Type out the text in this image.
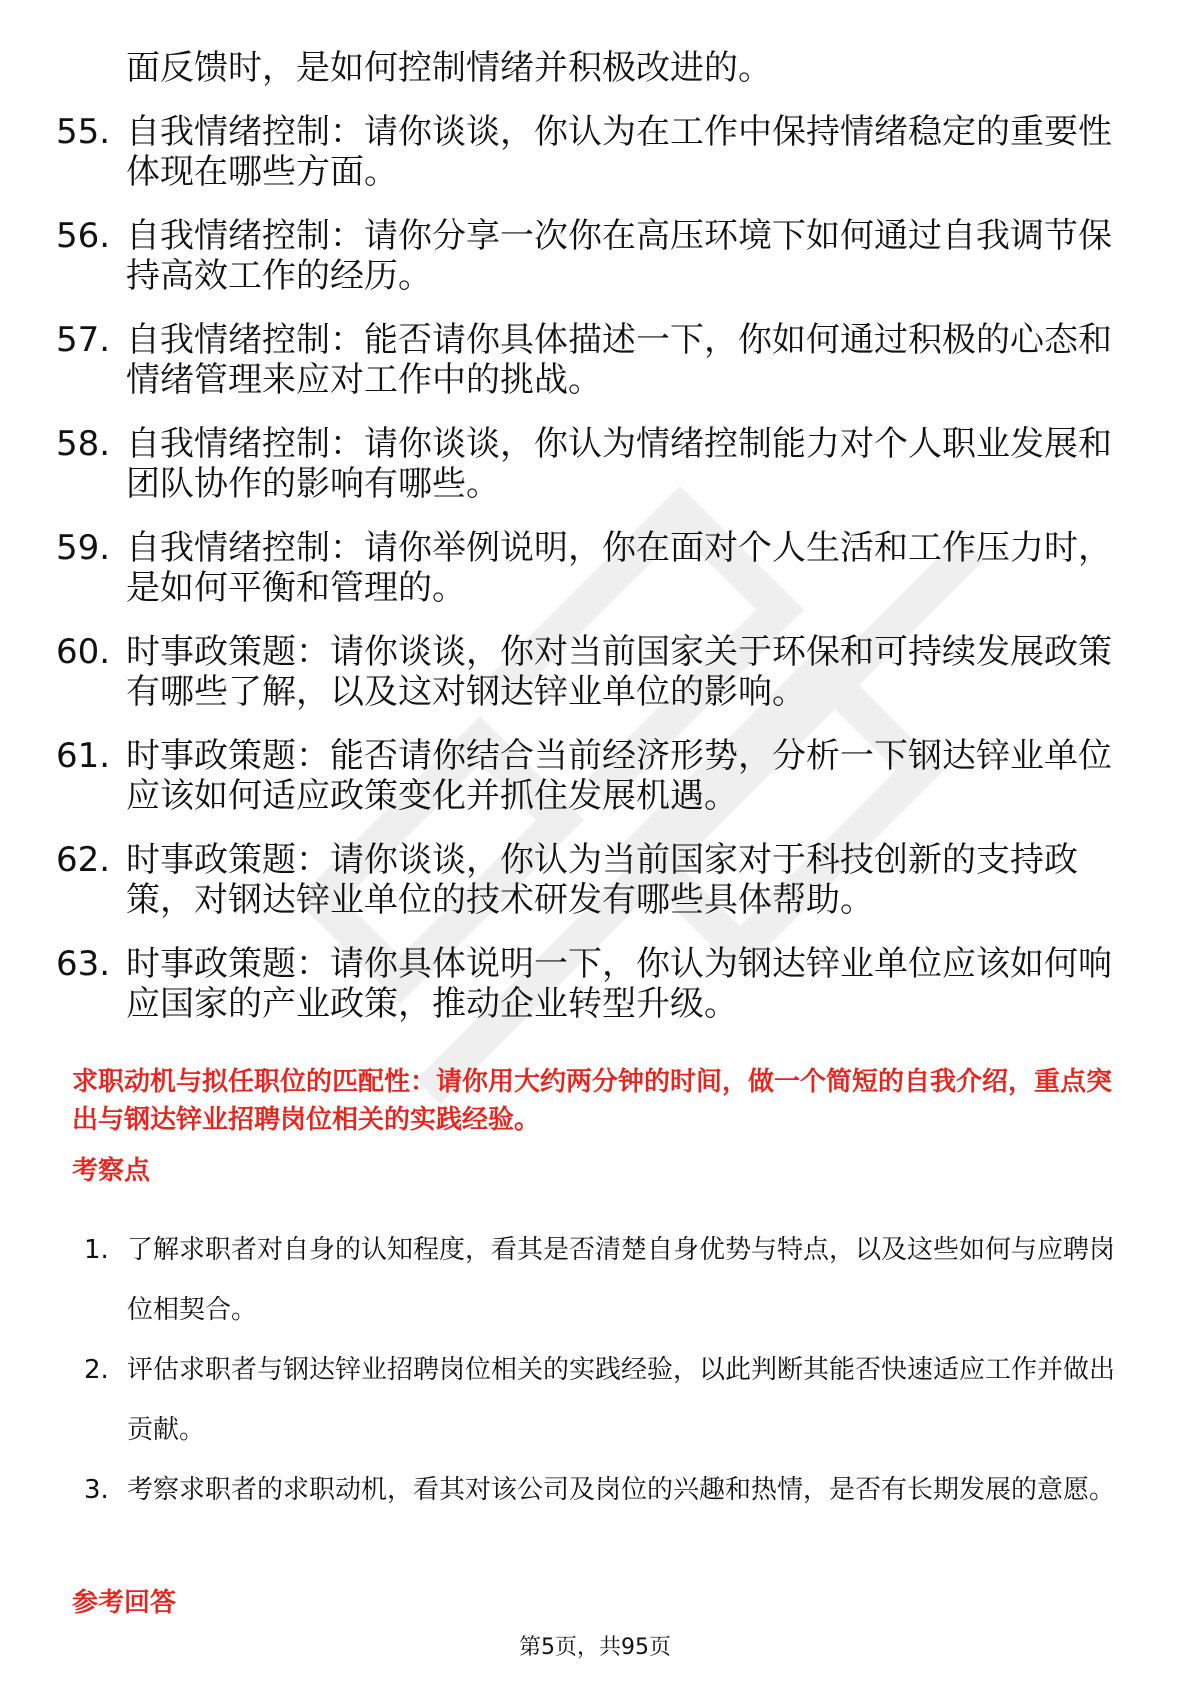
面反馈时，是如何控制情绪并积极改进的。
55. 自我情绪控制：请你谈谈，你认为在工作中保持情绪稳定的重要性体现在哪些方面。
56. 自我情绪控制：请你分享一次你在高压环境下如何通过自我调节保持高效工作的经历。
57. 自我情绪控制：能否请你具体描述一下，你如何通过积极的心态和情绪管理来应对工作中的挑战。
58. 自我情绪控制：请你谈谈，你认为情绪控制能力对个人职业发展和团队协作的影响有哪些。
59. 自我情绪控制：请你举例说明，你在面对个人生活和工作压力时，是如何平衡和管理的。
60. 时事政策题：请你谈谈，你对当前国家关于环保和可持续发展政策有哪些了解，以及这对钢达锌业单位的影响。
61. 时事政策题：能否请你结合当前经济形势，分析一下钢达锌业单位应该如何适应政策变化并抓住发展机遇。
62. 时事政策题：请你谈谈，你认为当前国家对于科技创新的支持政策，对钢达锌业单位的技术研发有哪些具体帮助。
63. 时事政策题：请你具体说明一下，你认为钢达锌业单位应该如何响应国家的产业政策，推动企业转型升级。
求职动机与拟任职位的匹配性：请你用大约两分钟的时间，做一个简短的自我介绍，重点突出与钢达锌业招聘岗位相关的实践经验。
考察点
1. 了解求职者对自身的认知程度，看其是否清楚自身优势与特点，以及这些如何与应聘岗位相契合。
2. 评估求职者与钢达锌业招聘岗位相关的实践经验，以此判断其能否快速适应工作并做出贡献。
3. 考察求职者的求职动机，看其对该公司及岗位的兴趣和热情，是否有长期发展的意愿。
参考回答
第5页，共95页
